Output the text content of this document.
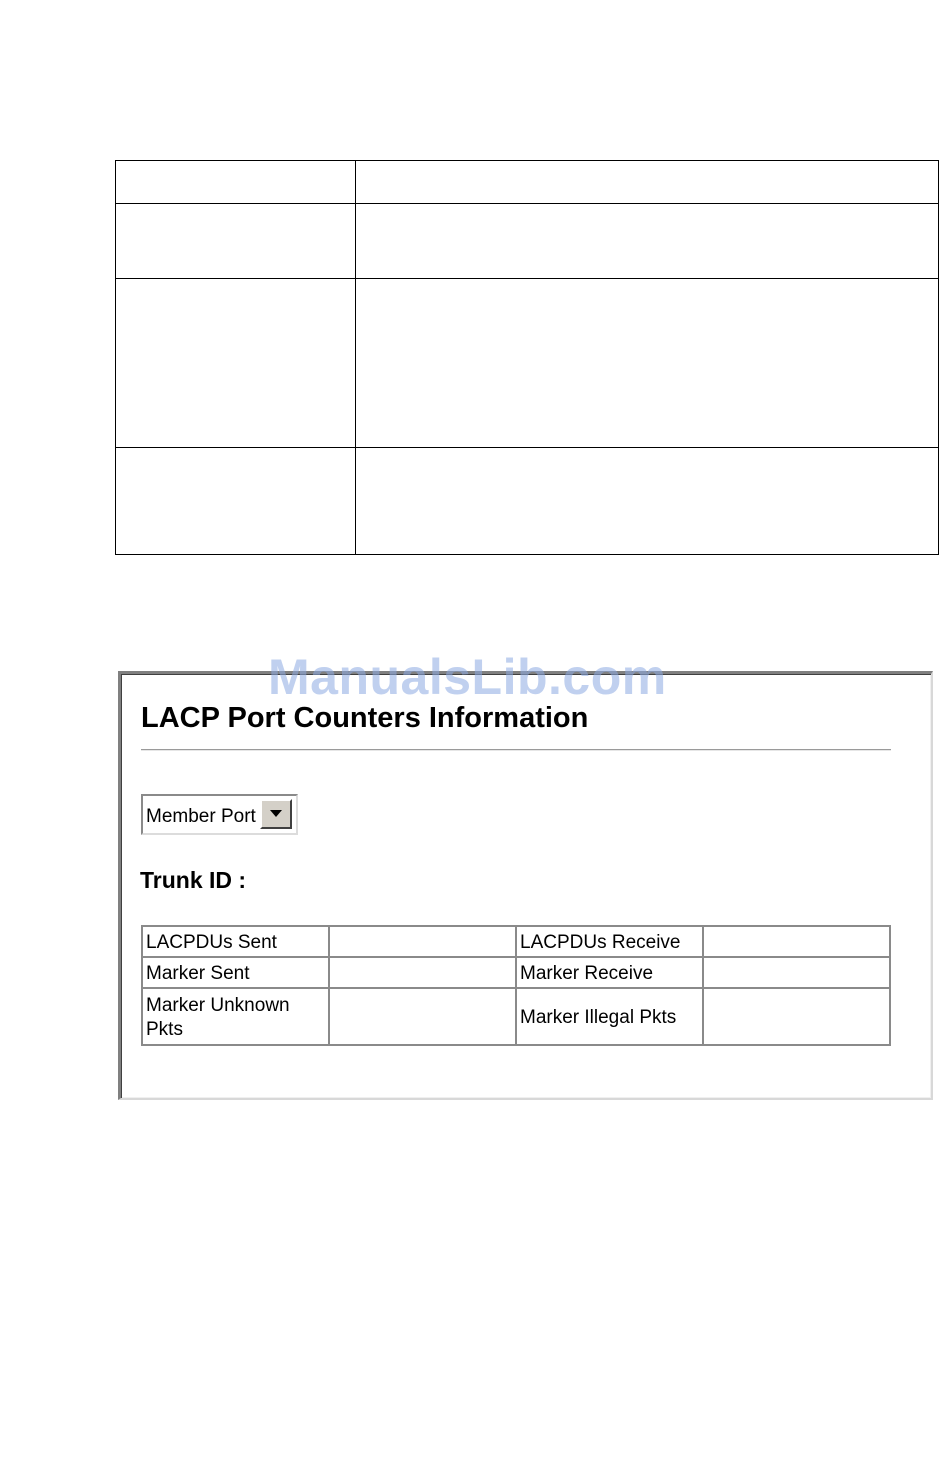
LACP Port Counters Information
Member Port
Trunk ID :
LACPDUs Sent		LACPDUs Receive	
Marker Sent		Marker Receive	
Marker Unknown Pkts		Marker Illegal Pkts	
ManualsLib.com
